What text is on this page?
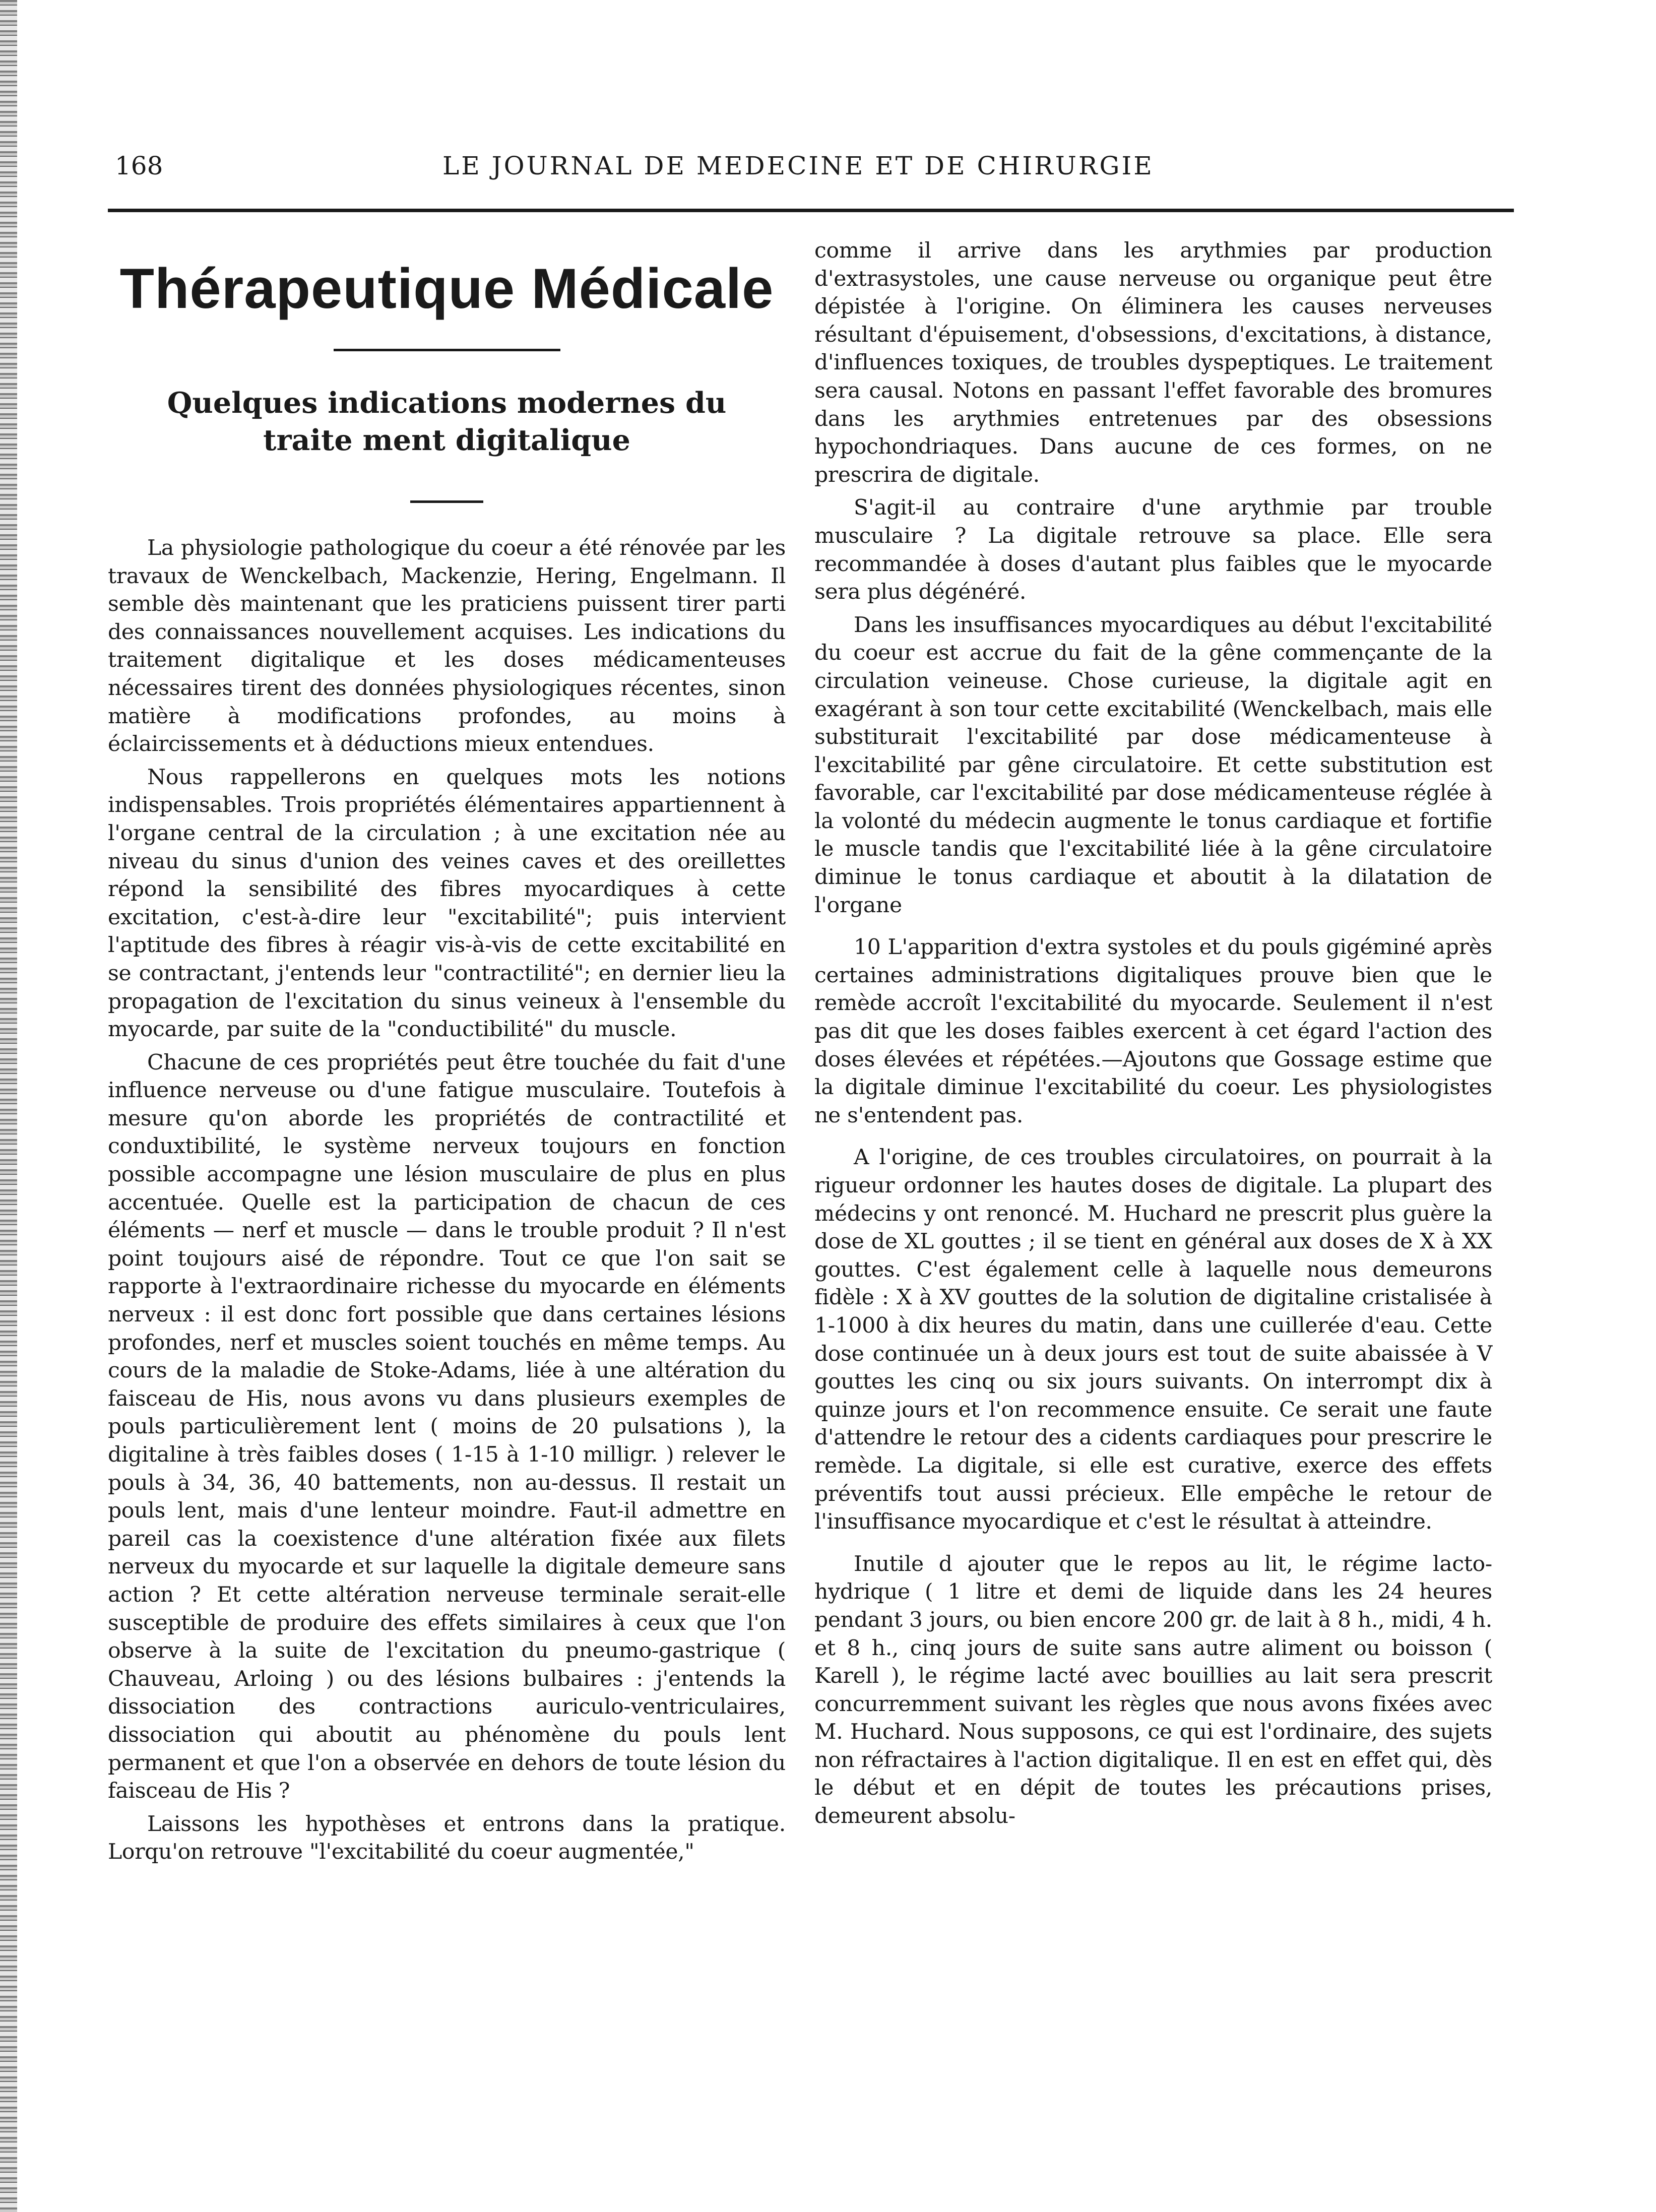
168	LE JOURNAL DE MEDECINE ET DE CHIRURGIE
Thérapeutique Médicale
Quelques indications modernes du traite ment digitalique

La physiologie pathologique du coeur a été rénovée par les travaux de Wenckelbach, Mackenzie, Hering, Engelmann. Il semble dès maintenant que les praticiens puissent tirer parti des connaissances nouvellement acquises. Les indications du traitement digitalique et les doses médicamenteuses nécessaires tirent des données physiologiques récentes, sinon matière à modifications profondes, au moins à éclaircissements et à déductions mieux entendues.

Nous rappellerons en quelques mots les notions indispensables. Trois propriétés élémentaires appartiennent à l'organe central de la circulation ; à une excitation née au niveau du sinus d'union des veines caves et des oreillettes répond la sensibilité des fibres myocardiques à cette excitation, c'est-à-dire leur "excitabilité"; puis intervient l'aptitude des fibres à réagir vis-à-vis de cette excitabilité en se contractant, j'entends leur "contractilité"; en dernier lieu la propagation de l'excitation du sinus veineux à l'ensemble du myocarde, par suite de la "conductibilité" du muscle.

Chacune de ces propriétés peut être touchée du fait d'une influence nerveuse ou d'une fatigue musculaire. Toutefois à mesure qu'on aborde les propriétés de contractilité et conduxtibilité, le système nerveux toujours en fonction possible accompagne une lésion musculaire de plus en plus accentuée. Quelle est la participation de chacun de ces éléments — nerf et muscle — dans le trouble produit ? Il n'est point toujours aisé de répondre. Tout ce que l'on sait se rapporte à l'extraordinaire richesse du myocarde en éléments nerveux : il est donc fort possible que dans certaines lésions profondes, nerf et muscles soient touchés en même temps. Au cours de la maladie de Stoke-Adams, liée à une altération du faisceau de His, nous avons vu dans plusieurs exemples de pouls particulièrement lent ( moins de 20 pulsations ), la digitaline à très faibles doses ( 1-15 à 1-10 milligr. ) relever le pouls à 34, 36, 40 battements, non au-dessus. Il restait un pouls lent, mais d'une lenteur moindre. Faut-il admettre en pareil cas la coexistence d'une altération fixée aux filets nerveux du myocarde et sur laquelle la digitale demeure sans action ? Et cette altération nerveuse terminale serait-elle susceptible de produire des effets similaires à ceux que l'on observe à la suite de l'excitation du pneumo-gastrique ( Chauveau, Arloing ) ou des lésions bulbaires : j'entends la dissociation des contractions auriculo-ventriculaires, dissociation qui aboutit au phénomène du pouls lent permanent et que l'on a observée en dehors de toute lésion du faisceau de His ?

Laissons les hypothèses et entrons dans la pratique. Lorqu'on retrouve "l'excitabilité du coeur augmentée,"

comme il arrive dans les arythmies par production d'extrasystoles, une cause nerveuse ou organique peut être dépistée à l'origine. On éliminera les causes nerveuses résultant d'épuisement, d'obsessions, d'excitations, à distance, d'influences toxiques, de troubles dyspeptiques. Le traitement sera causal. Notons en passant l'effet favorable des bromures dans les arythmies entretenues par des obsessions hypochondriaques. Dans aucune de ces formes, on ne prescrira de digitale.

S'agit-il au contraire d'une arythmie par trouble musculaire ? La digitale retrouve sa place. Elle sera recommandée à doses d'autant plus faibles que le myocarde sera plus dégénéré.

Dans les insuffisances myocardiques au début l'excitabilité du coeur est accrue du fait de la gêne commençante de la circulation veineuse. Chose curieuse, la digitale agit en exagérant à son tour cette excitabilité (Wenckelbach, mais elle substiturait l'excitabilité par dose médicamenteuse à l'excitabilité par gêne circulatoire. Et cette substitution est favorable, car l'excitabilité par dose médicamenteuse réglée à la volonté du médecin augmente le tonus cardiaque et fortifie le muscle tandis que l'excitabilité liée à la gêne circulatoire diminue le tonus cardiaque et aboutit à la dilatation de l'organe

10 L'apparition d'extra systoles et du pouls gigéminé après certaines administrations digitaliques prouve bien que le remède accroît l'excitabilité du myocarde. Seulement il n'est pas dit que les doses faibles exercent à cet égard l'action des doses élevées et répétées.—Ajoutons que Gossage estime que la digitale diminue l'excitabilité du coeur. Les physiologistes ne s'entendent pas.

A l'origine, de ces troubles circulatoires, on pourrait à la rigueur ordonner les hautes doses de digitale. La plupart des médecins y ont renoncé. M. Huchard ne prescrit plus guère la dose de XL gouttes ; il se tient en général aux doses de X à XX gouttes. C'est également celle à laquelle nous demeurons fidèle : X à XV gouttes de la solution de digitaline cristalisée à 1-1000 à dix heures du matin, dans une cuillerée d'eau. Cette dose continuée un à deux jours est tout de suite abaissée à V gouttes les cinq ou six jours suivants. On interrompt dix à quinze jours et l'on recommence ensuite. Ce serait une faute d'attendre le retour des a cidents cardiaques pour prescrire le remède. La digitale, si elle est curative, exerce des effets préventifs tout aussi précieux. Elle empêche le retour de l'insuffisance myocardique et c'est le résultat à atteindre.

Inutile d ajouter que le repos au lit, le régime lacto-hydrique ( 1 litre et demi de liquide dans les 24 heures pendant 3 jours, ou bien encore 200 gr. de lait à 8 h., midi, 4 h. et 8 h., cinq jours de suite sans autre aliment ou boisson ( Karell ), le régime lacté avec bouillies au lait sera prescrit concurremment suivant les règles que nous avons fixées avec M. Huchard. Nous supposons, ce qui est l'ordinaire, des sujets non réfractaires à l'action digitalique. Il en est en effet qui, dès le début et en dépit de toutes les précautions prises, demeurent absolu-
